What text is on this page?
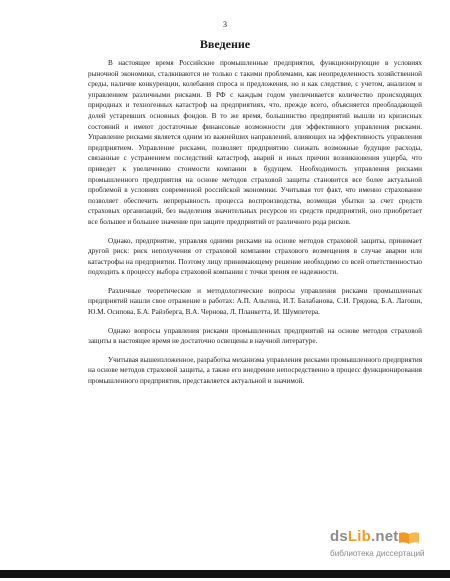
3
Введение

В настоящее время Российские промышленные предприятия, функционирующие в условиях рыночной экономики, сталкиваются не только с такими проблемами, как неопределенность хозяйственной среды, наличие конкуренции, колебания спроса и предложения, но и как следствие, с учетом, анализом и управлением различными рисками. В РФ с каждым годом увеличивается количество происходящих природных и техногенных катастроф на предприятиях, что, прежде всего, объясняется преобладающей долей устаревших основных фондов. В то же время, большинство предприятий вышли из кризисных состояний и имеют достаточные финансовые возможности для эффективного управления рисками. Управление рисками является одним из важнейших направлений, влияющих на эффективность управления предприятием. Управление рисками, позволяет предприятию снижать возможные будущие расходы, связанные с устранением последствий катастроф, аварий и иных причин возникновения ущерба, что приведет к увеличению стоимости компании в будущем. Необходимость управления рисками промышленного предприятия на основе методов страховой защиты становится все более актуальной проблемой в условиях современной российской экономики. Учитывая тот факт, что именно страхование позволяет обеспечить непрерывность процесса воспроизводства, возмещая убытки за счет средств страховых организаций, без выделения значительных ресурсов из средств предприятий, оно приобретает все большее и большее значение при защите предприятий от различного рода рисков.

Однако, предприятие, управляя одними рисками на основе методов страховой защиты, принимает другой риск: риск неполучения от страховой компании страхового возмещения в случае аварии или катастрофы на предприятии. Поэтому лицу принимающему решение необходимо со всей ответственностью подходить к процессу выбора страховой компании с точки зрения ее надежности.

Различные теоретические и методологические вопросы управления рисками промышленных предприятий нашли свое отражение в работах: А.П. Альгина, И.Т. Балабанова, С.И. Грядова, Б.А. Лагоши, Ю.М. Осипова, Б.А. Райзберга, В.А. Чернова, Л. Планкетта, И. Шумпетера.

Однако вопросы управления рисками промышленных предприятий на основе методов страховой защиты в настоящее время не достаточно освещены в научной литературе.

Учитывая вышеизложенное, разработка механизма управления рисками промышленного предприятия на основе методов страховой защиты, а также его внедрение непосредственно в процесс функционирования промышленного предприятия, представляется актуальной и значимой.

dsLib.net
библиотека диссертаций
